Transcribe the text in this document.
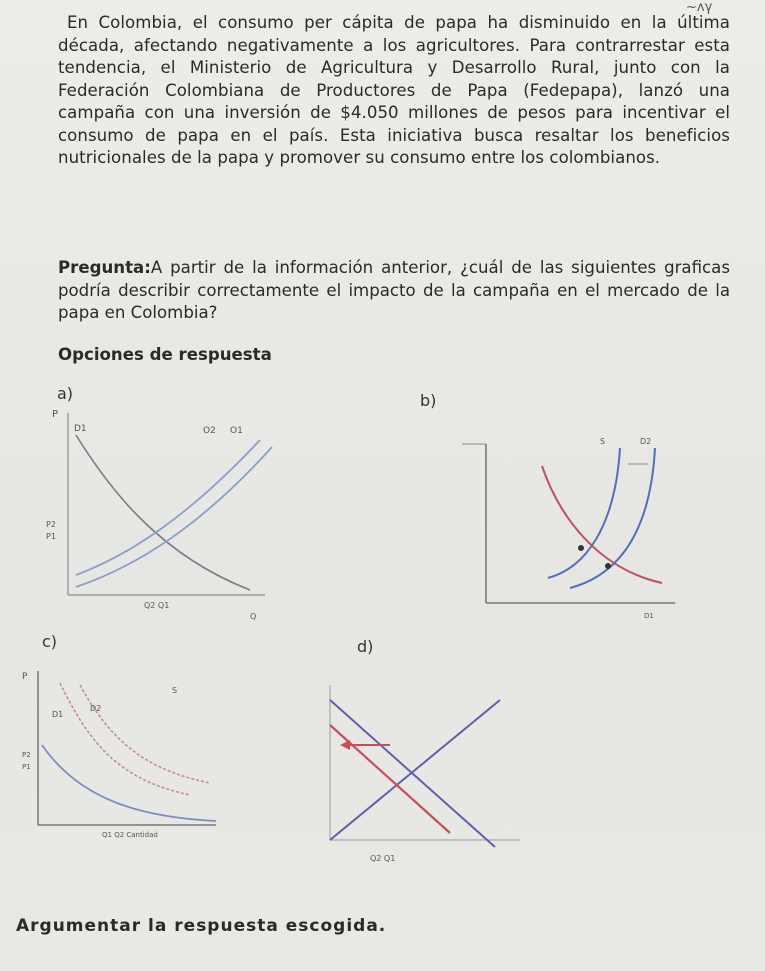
~ʌγ
En Colombia, el consumo per cápita de papa ha disminuido en la última década, afectando negativamente a los agricultores. Para contrarrestar esta tendencia, el Ministerio de Agricultura y Desarrollo Rural, junto con la Federación Colombiana de Productores de Papa (Fedepapa), lanzó una campaña con una inversión de $4.050 millones de pesos para incentivar el consumo de papa en el país. Esta iniciativa busca resaltar los beneficios nutricionales de la papa y promover su consumo entre los colombianos.
Pregunta:A partir de la información anterior, ¿cuál de las siguientes graficas podría describir correctamente el impacto de la campaña en el mercado de la papa en Colombia?
Opciones de respuesta
a)	b)
c)	d)
P
D1	O2 O1
P2
P1
Q2 Q1
Q
S	D2
D1
P
S
D1
D2
P2
P1
Q1 Q2 Cantidad
Q2 Q1
Argumentar la respuesta escogida.
